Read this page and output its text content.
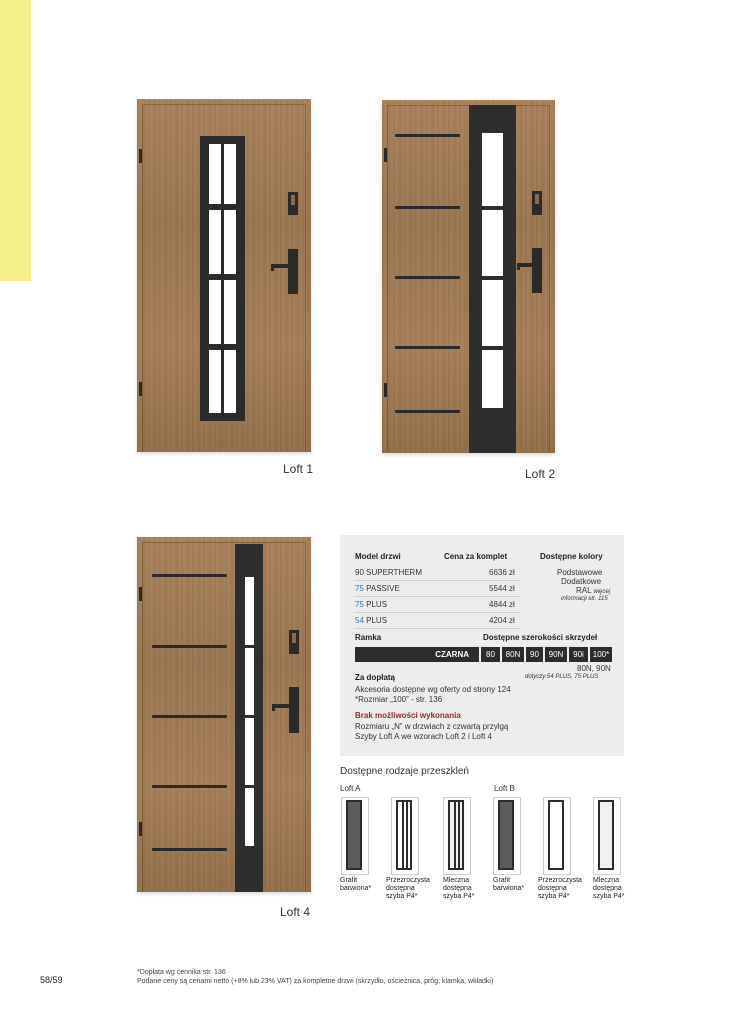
Loft 1	Loft 2
Loft 4
Model drzwi	Cena za komplet	Dostępne kolory
90 SUPERTHERM	6636 zł
75 PASSIVE	5544 zł
75 PLUS	4844 zł
54 PLUS	4204 zł
Podstawowe
Dodatkowe
RAL więcej
informacji str. 115
Ramka
CZARNA
Dostępne szerokości skrzydeł
80	80N	90	90N	90i	100*
80N, 90N
Za dopłatą	dotyczy 54 PLUS, 75 PLUS
Akcesoria dostępne wg oferty od strony 124
*Rozmiar „100” - str. 136
Brak możliwości wykonania
Rozmiaru „N” w drzwiach z czwartą przylgą
Szyby Loft A we wzorach Loft 2 i Loft 4
Dostępne rodzaje przeszkleń
Loft A	Loft B
Grafit
barwiona*
Przezroczysta
dostępna
szyba P4*
Mleczna
dostępna
szyba P4*
Grafit
barwiona*
Przezroczysta
dostępna
szyba P4*
Mleczna
dostępna
szyba P4*
58/59
*Dopłata wg cennika str. 136
Podane ceny są cenami netto (+8% lub 23% VAT) za kompletne drzwi (skrzydło, ościeżnica, próg, klamka, wkładki)
